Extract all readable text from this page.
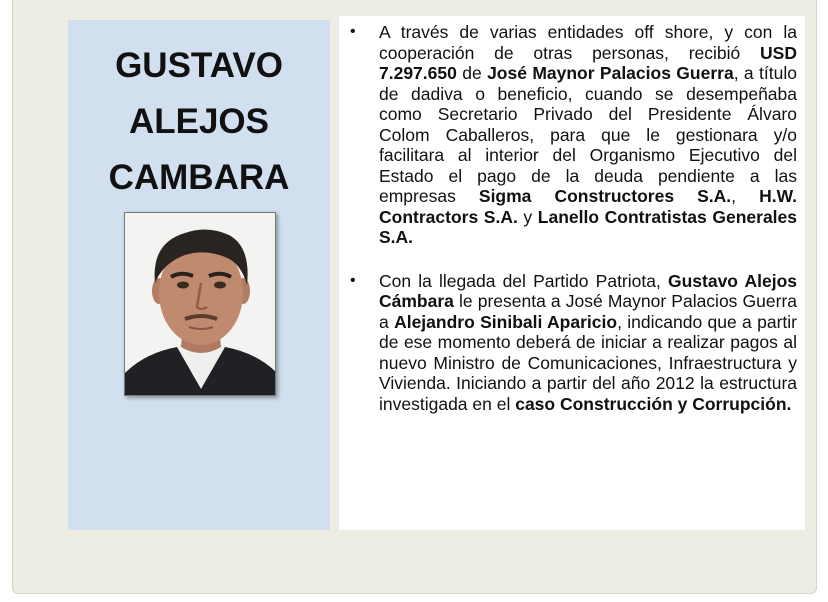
GUSTAVO
ALEJOS
CAMBARA
• A través de varias entidades off shore, y con la cooperación de otras personas, recibió USD 7.297.650 de José Maynor Palacios Guerra, a título de dadiva o beneficio, cuando se desempeñaba como Secretario Privado del Presidente Álvaro Colom Caballeros, para que le gestionara y/o facilitara al interior del Organismo Ejecutivo del Estado el pago de la deuda pendiente a las empresas Sigma Constructores S.A., H.W. Contractors S.A. y Lanello Contratistas Generales S.A.
• Con la llegada del Partido Patriota, Gustavo Alejos Cámbara le presenta a José Maynor Palacios Guerra a Alejandro Sinibali Aparicio, indicando que a partir de ese momento deberá de iniciar a realizar pagos al nuevo Ministro de Comunicaciones, Infraestructura y Vivienda. Iniciando a partir del año 2012 la estructura investigada en el caso Construcción y Corrupción.
